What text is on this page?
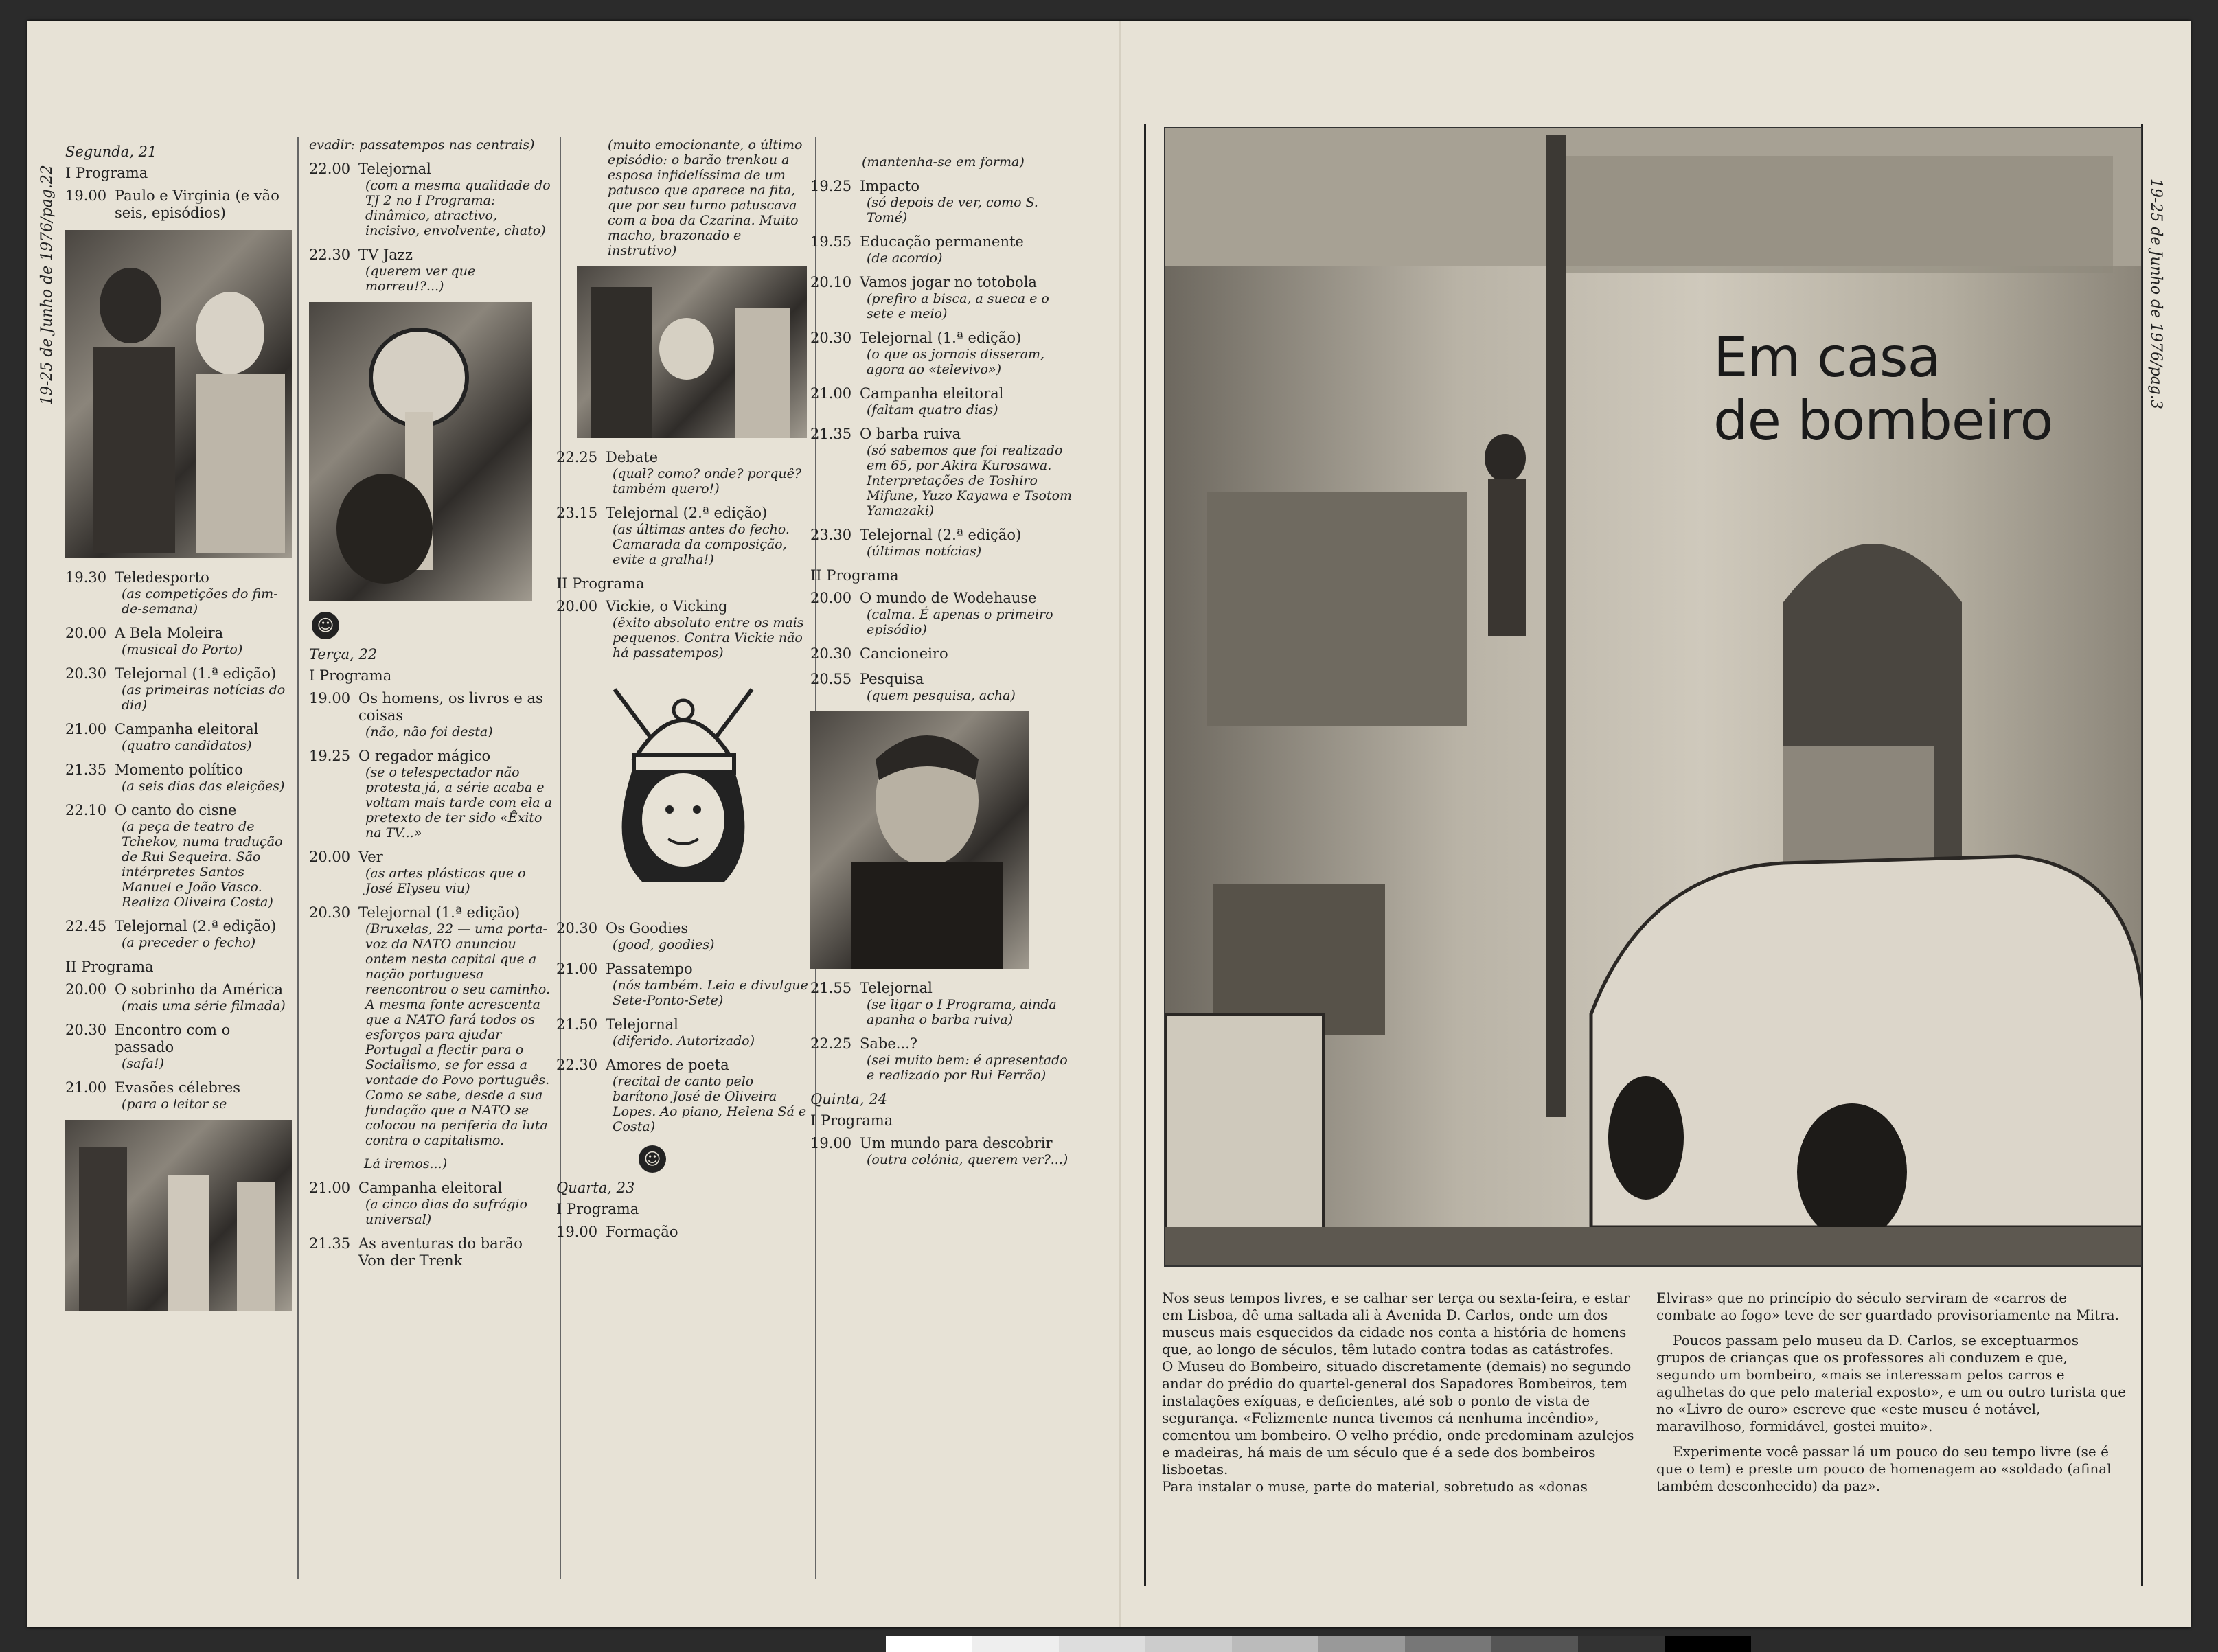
19-25 de Junho de 1976/pag.22	19-25 de Junho de 1976/pag.3
Segunda, 21
I Programa
19.00 Paulo e Virginia (e vão seis, episódios)
19.30 Teledesporto
(as competições do fim-de-semana)
20.00 A Bela Moleira
(musical do Porto)
20.30 Telejornal (1.ª edição)
(as primeiras notícias do dia)
21.00 Campanha eleitoral
(quatro candidatos)
21.35 Momento político
(a seis dias das eleições)
22.10 O canto do cisne
(a peça de teatro de Tchekov, numa tradução de Rui Sequeira. São intérpretes Santos Manuel e João Vasco. Realiza Oliveira Costa)
22.45 Telejornal (2.ª edição)
(a preceder o fecho)
II Programa
20.00 O sobrinho da América
(mais uma série filmada)
20.30 Encontro com o passado
(safa!)
21.00 Evasões célebres
(para o leitor se
evadir: passatempos nas centrais)
22.00 Telejornal
(com a mesma qualidade do TJ 2 no I Programa: dinâmico, atractivo, incisivo, envolvente, chato)
22.30 TV Jazz
(querem ver que morreu!?...)
☺
Terça, 22
I Programa
19.00 Os homens, os livros e as coisas
(não, não foi desta)
19.25 O regador mágico
(se o telespectador não protesta já, a série acaba e voltam mais tarde com ela a pretexto de ter sido «Êxito na TV...»
20.00 Ver
(as artes plásticas que o José Elyseu viu)
20.30 Telejornal (1.ª edição)
(Bruxelas, 22 — uma porta-voz da NATO anunciou ontem nesta capital que a nação portuguesa reencontrou o seu caminho. A mesma fonte acrescenta que a NATO fará todos os esforços para ajudar Portugal a flectir para o Socialismo, se for essa a vontade do Povo português. Como se sabe, desde a sua fundação que a NATO se colocou na periferia da luta contra o capitalismo.
Lá iremos...)
21.00 Campanha eleitoral
(a cinco dias do sufrágio universal)
21.35 As aventuras do barão Von der Trenk
(muito emocionante, o último episódio: o barão trenkou a esposa infidelíssima de um patusco que aparece na fita, que por seu turno patuscava com a boa da Czarina. Muito macho, brazonado e instrutivo)
22.25 Debate
(qual? como? onde? porquê? também quero!)
23.15 Telejornal (2.ª edição)
(as últimas antes do fecho. Camarada da composição, evite a gralha!)
II Programa
20.00 Vickie, o Vicking
(êxito absoluto entre os mais pequenos. Contra Vickie não há passatempos)
20.30 Os Goodies
(good, goodies)
21.00 Passatempo
(nós também. Leia e divulgue Sete-Ponto-Sete)
21.50 Telejornal
(diferido. Autorizado)
22.30 Amores de poeta
(recital de canto pelo barítono José de Oliveira Lopes. Ao piano, Helena Sá e Costa)
☺
Quarta, 23
I Programa
19.00 Formação
(mantenha-se em forma)
19.25 Impacto
(só depois de ver, como S. Tomé)
19.55 Educação permanente
(de acordo)
20.10 Vamos jogar no totobola
(prefiro a bisca, a sueca e o sete e meio)
20.30 Telejornal (1.ª edição)
(o que os jornais disseram, agora ao «televivo»)
21.00 Campanha eleitoral
(faltam quatro dias)
21.35 O barba ruiva
(só sabemos que foi realizado em 65, por Akira Kurosawa. Interpretações de Toshiro Mifune, Yuzo Kayawa e Tsotom Yamazaki)
23.30 Telejornal (2.ª edição)
(últimas notícias)
II Programa
20.00 O mundo de Wodehause
(calma. É apenas o primeiro episódio)
20.30 Cancioneiro
20.55 Pesquisa
(quem pesquisa, acha)
21.55 Telejornal
(se ligar o I Programa, ainda apanha o barba ruiva)
22.25 Sabe...?
(sei muito bem: é apresentado e realizado por Rui Ferrão)
Quinta, 24
I Programa
19.00 Um mundo para descobrir
(outra colónia, querem ver?...)
Em casa
de bombeiro

Nos seus tempos livres, e se calhar ser terça ou sexta-feira, e estar em Lisboa, dê uma saltada ali à Avenida D. Carlos, onde um dos museus mais esquecidos da cidade nos conta a história de homens que, ao longo de séculos, têm lutado contra todas as catástrofes.

O Museu do Bombeiro, situado discretamente (demais) no segundo andar do prédio do quartel-general dos Sapadores Bombeiros, tem instalações exíguas, e deficientes, até sob o ponto de vista de segurança. «Felizmente nunca tivemos cá nenhuma incêndio», comentou um bombeiro. O velho prédio, onde predominam azulejos e madeiras, há mais de um século que é a sede dos bombeiros lisboetas.

Para instalar o muse, parte do material, sobretudo as «donas

Elviras» que no princípio do século serviram de «carros de combate ao fogo» teve de ser guardado provisoriamente na Mitra.

Poucos passam pelo museu da D. Carlos, se exceptuarmos grupos de crianças que os professores ali conduzem e que, segundo um bombeiro, «mais se interessam pelos carros e agulhetas do que pelo material exposto», e um ou outro turista que no «Livro de ouro» escreve que «este museu é notável, maravilhoso, formidável, gostei muito».

Experimente você passar lá um pouco do seu tempo livre (se é que o tem) e preste um pouco de homenagem ao «soldado (afinal também desconhecido) da paz».
